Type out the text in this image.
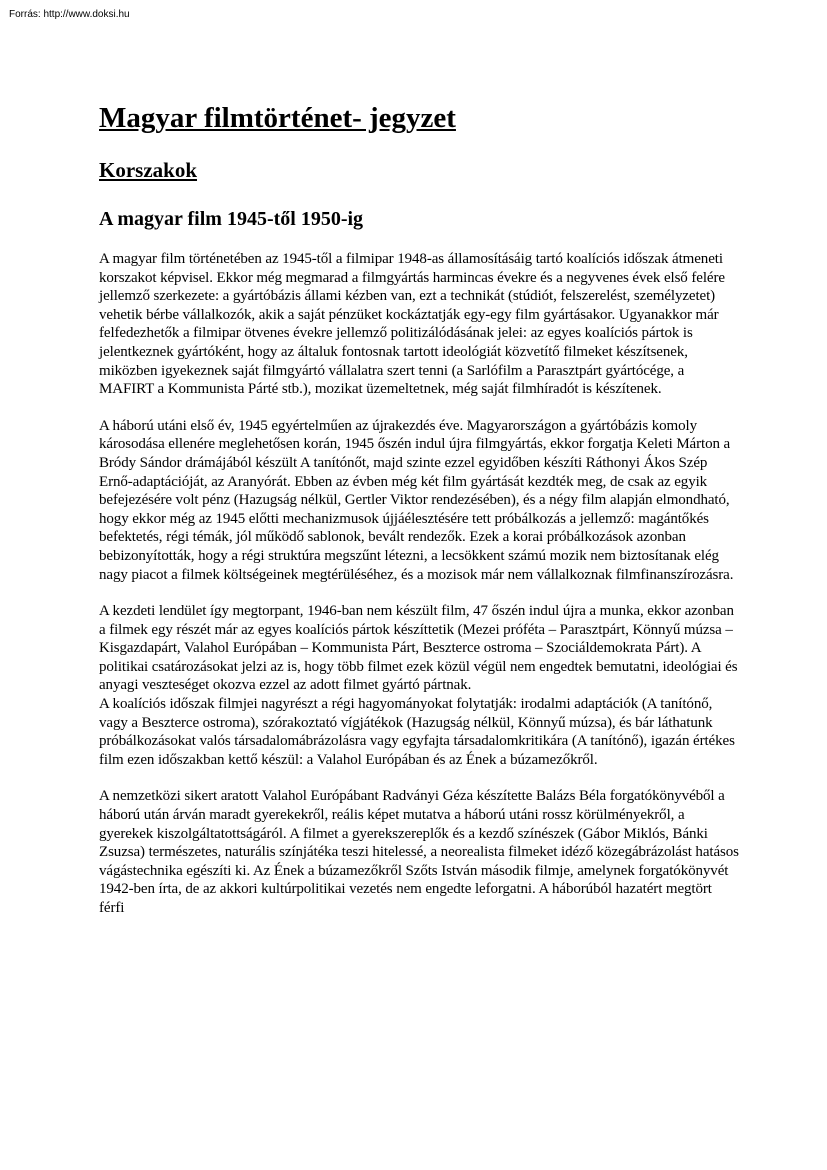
Forrás: http://www.doksi.hu
Magyar filmtörténet- jegyzet
Korszakok
A magyar film 1945-től 1950-ig

A magyar film történetében az 1945-től a filmipar 1948-as államosításáig tartó koalíciós időszak átmeneti korszakot képvisel. Ekkor még megmarad a filmgyártás harmincas évekre és a negyvenes évek első felére jellemző szerkezete: a gyártóbázis állami kézben van, ezt a technikát (stúdiót, felszerelést, személyzetet) vehetik bérbe vállalkozók, akik a saját pénzüket kockáztatják egy-egy film gyártásakor. Ugyanakkor már felfedezhetők a filmipar ötvenes évekre jellemző politizálódásának jelei: az egyes koalíciós pártok is jelentkeznek gyártóként, hogy az általuk fontosnak tartott ideológiát közvetítő filmeket készítsenek, miközben igyekeznek saját filmgyártó vállalatra szert tenni (a Sarlófilm a Parasztpárt gyártócége, a MAFIRT a Kommunista Párté stb.), mozikat üzemeltetnek, még saját filmhíradót is készítenek.

A háború utáni első év, 1945 egyértelműen az újrakezdés éve. Magyarországon a gyártóbázis komoly károsodása ellenére meglehetősen korán, 1945 őszén indul újra filmgyártás, ekkor forgatja Keleti Márton a Bródy Sándor drámájából készült A tanítónőt, majd szinte ezzel egyidőben készíti Ráthonyi Ákos Szép Ernő-adaptációját, az Aranyórát. Ebben az évben még két film gyártását kezdték meg, de csak az egyik befejezésére volt pénz (Hazugság nélkül, Gertler Viktor rendezésében), és a négy film alapján elmondható, hogy ekkor még az 1945 előtti mechanizmusok újjáélesztésére tett próbálkozás a jellemző: magántőkés befektetés, régi témák, jól működő sablonok, bevált rendezők. Ezek a korai próbálkozások azonban bebizonyították, hogy a régi struktúra megszűnt létezni, a lecsökkent számú mozik nem biztosítanak elég nagy piacot a filmek költségeinek megtérüléséhez, és a mozisok már nem vállalkoznak filmfinanszírozásra.

A kezdeti lendület így megtorpant, 1946-ban nem készült film, 47 őszén indul újra a munka, ekkor azonban a filmek egy részét már az egyes koalíciós pártok készíttetik (Mezei próféta – Parasztpárt, Könnyű múzsa – Kisgazdapárt, Valahol Európában – Kommunista Párt, Beszterce ostroma – Szociáldemokrata Párt). A politikai csatározásokat jelzi az is, hogy több filmet ezek közül végül nem engedtek bemutatni, ideológiai és anyagi veszteséget okozva ezzel az adott filmet gyártó pártnak.

A koalíciós időszak filmjei nagyrészt a régi hagyományokat folytatják: irodalmi adaptációk (A tanítónő, vagy a Beszterce ostroma), szórakoztató vígjátékok (Hazugság nélkül, Könnyű múzsa), és bár láthatunk próbálkozásokat valós társadalomábrázolásra vagy egyfajta társadalomkritikára (A tanítónő), igazán értékes film ezen időszakban kettő készül: a Valahol Európában és az Ének a búzamezőkről.

A nemzetközi sikert aratott Valahol Európábant Radványi Géza készítette Balázs Béla forgatókönyvéből a háború után árván maradt gyerekekről, reális képet mutatva a háború utáni rossz körülményekről, a gyerekek kiszolgáltatottságáról. A filmet a gyerekszereplők és a kezdő színészek (Gábor Miklós, Bánki Zsuzsa) természetes, naturális színjátéka teszi hitelessé, a neorealista filmeket idéző közegábrázolást hatásos vágástechnika egészíti ki. Az Ének a búzamezőkről Szőts István második filmje, amelynek forgatókönyvét 1942-ben írta, de az akkori kultúrpolitikai vezetés nem engedte leforgatni. A háborúból hazatért megtört férfi
